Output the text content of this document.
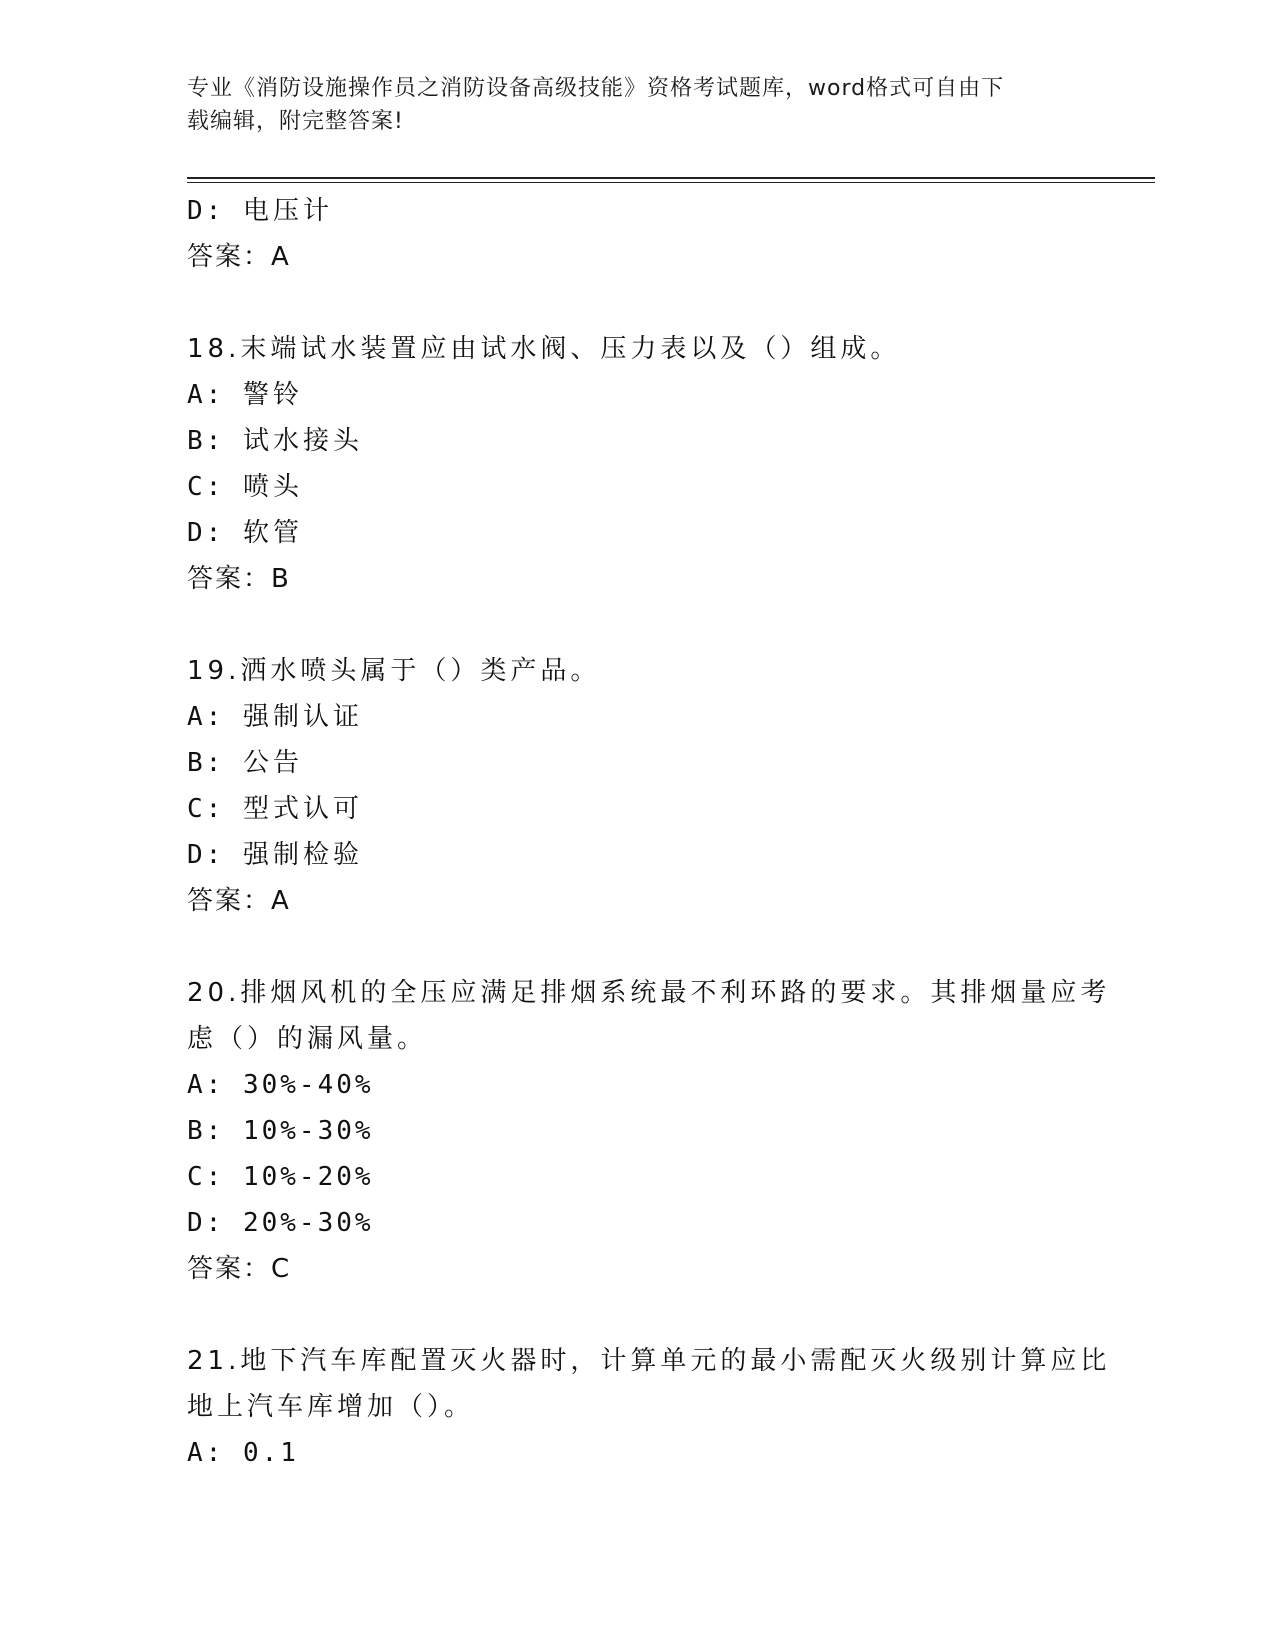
专业《消防设施操作员之消防设备高级技能》资格考试题库，word格式可自由下
载编辑，附完整答案!
D: 电压计
答案：A
18.末端试水装置应由试水阀、压力表以及（）组成。
A: 警铃
B: 试水接头
C: 喷头
D: 软管
答案：B
19.洒水喷头属于（）类产品。
A: 强制认证
B: 公告
C: 型式认可
D: 强制检验
答案：A
20.排烟风机的全压应满足排烟系统最不利环路的要求。其排烟量应考
虑（）的漏风量。
A: 30%-40%
B: 10%-30%
C: 10%-20%
D: 20%-30%
答案：C
21.地下汽车库配置灭火器时，计算单元的最小需配灭火级别计算应比
地上汽车库增加（）。
A: 0.1
